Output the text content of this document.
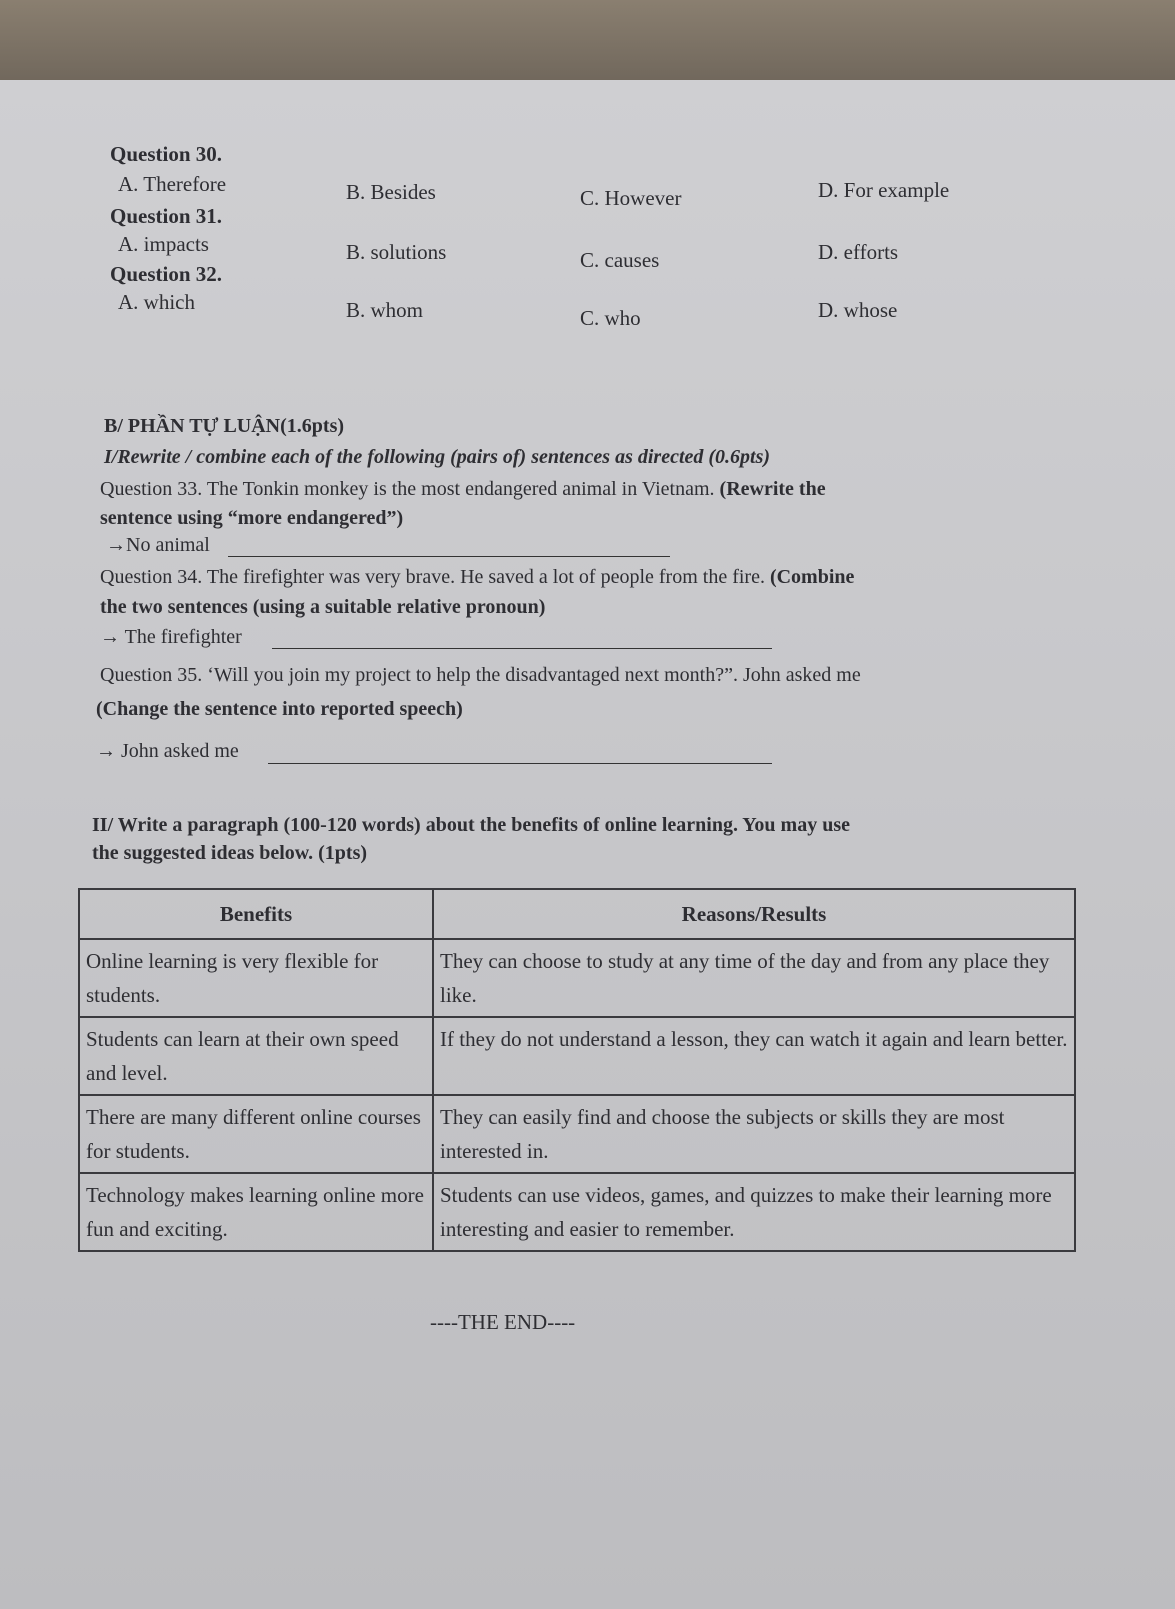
Question 30.
A. Therefore	B. Besides	C. However	D. For example
Question 31.
A. impacts	B. solutions	C. causes	D. efforts
Question 32.
A. which	B. whom	C. who	D. whose
B/ PHẦN TỰ LUẬN(1.6pts)
I/Rewrite / combine each of the following (pairs of) sentences as directed (0.6pts)
Question 33. The Tonkin monkey is the most endangered animal in Vietnam. (Rewrite the
sentence using “more endangered”)
→No animal
Question 34. The firefighter was very brave. He saved a lot of people from the fire. (Combine
the two sentences (using a suitable relative pronoun)
→ The firefighter
Question 35. ‘Will you join my project to help the disadvantaged next month?”. John asked me
(Change the sentence into reported speech)
→ John asked me
II/ Write a paragraph (100-120 words) about the benefits of online learning. You may use
the suggested ideas below. (1pts)
Benefits	Reasons/Results
Online learning is very flexible for students.	They can choose to study at any time of the day and from any place they like.
Students can learn at their own speed and level.	If they do not understand a lesson, they can watch it again and learn better.
There are many different online courses for students.	They can easily find and choose the subjects or skills they are most interested in.
Technology makes learning online more fun and exciting.	Students can use videos, games, and quizzes to make their learning more interesting and easier to remember.
----THE END----
